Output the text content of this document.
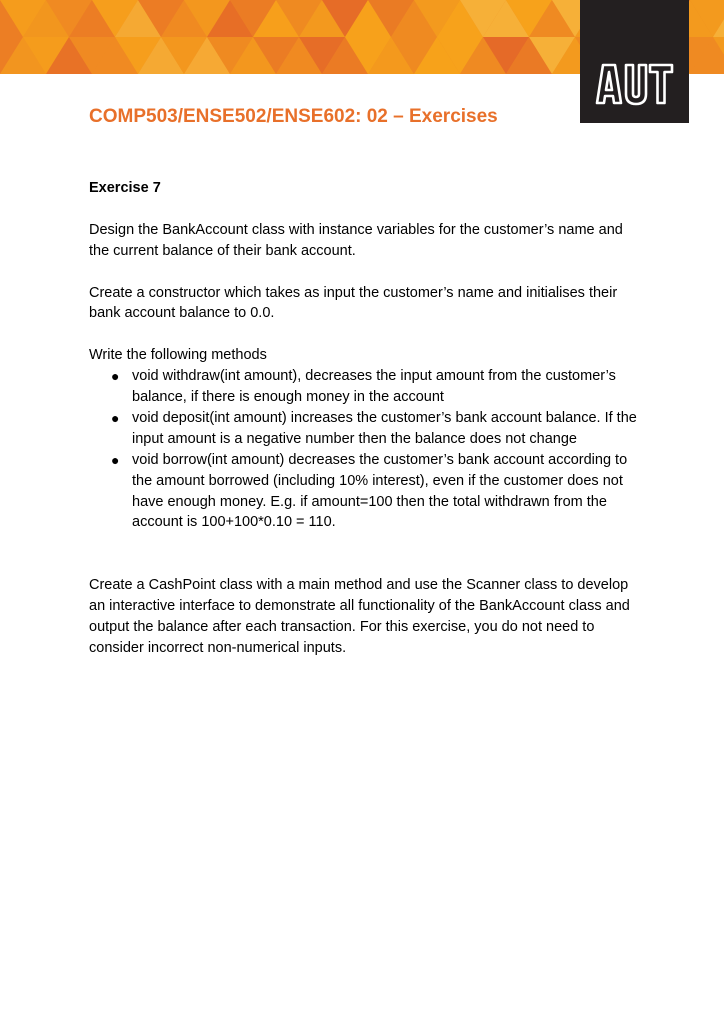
COMP503/ENSE502/ENSE602: 02 – Exercises

Exercise 7

Design the BankAccount class with instance variables for the customer’s name and the current balance of their bank account.

Create a constructor which takes as input the customer’s name and initialises their bank account balance to 0.0.

Write the following methods

● void withdraw(int amount), decreases the input amount from the customer’s balance, if there is enough money in the account
● void deposit(int amount) increases the customer’s bank account balance. If the input amount is a negative number then the balance does not change
● void borrow(int amount) decreases the customer’s bank account according to the amount borrowed (including 10% interest), even if the customer does not have enough money. E.g. if amount=100 then the total withdrawn from the account is 100+100*0.10 = 110.

Create a CashPoint class with a main method and use the Scanner class to develop an interactive interface to demonstrate all functionality of the BankAccount class and output the balance after each transaction. For this exercise, you do not need to consider incorrect non-numerical inputs.
